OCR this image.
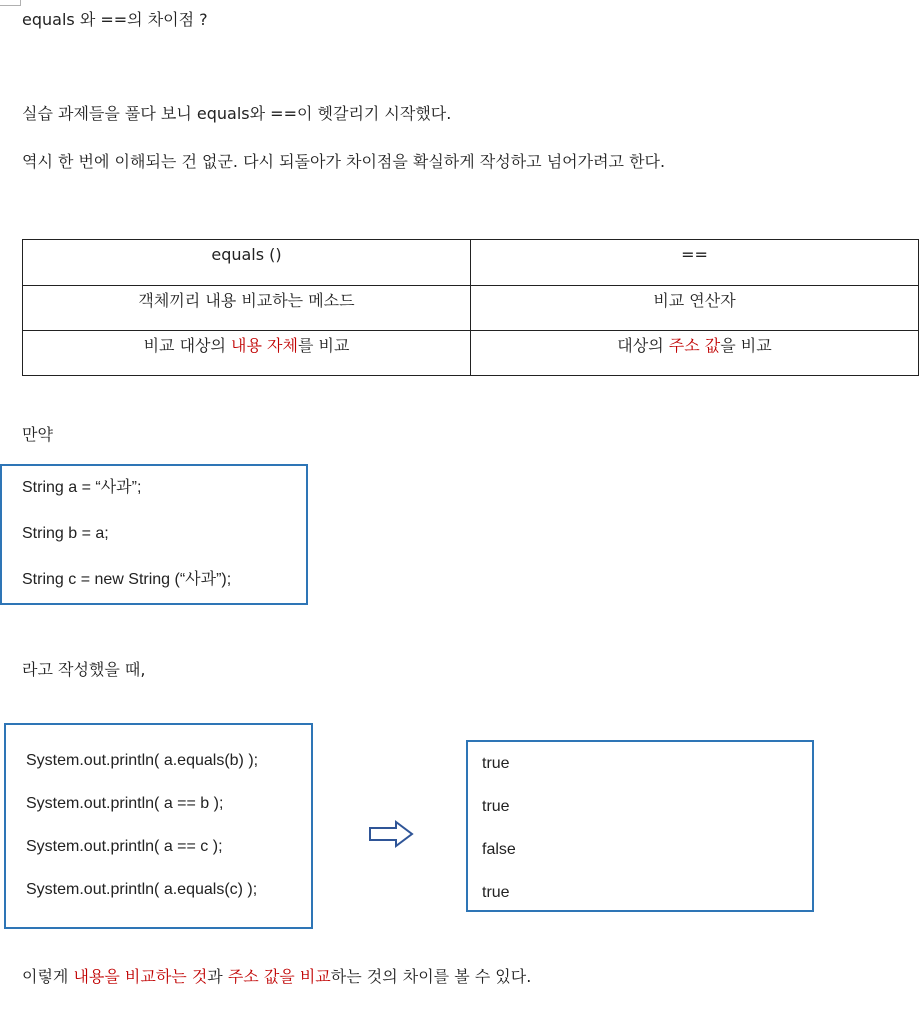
equals 와 ==의 차이점 ?
실습 과제들을 풀다 보니 equals와 ==이 헷갈리기 시작했다.
역시 한 번에 이해되는 건 없군. 다시 되돌아가 차이점을 확실하게 작성하고 넘어가려고 한다.
equals ()	==
객체끼리 내용 비교하는 메소드	비교 연산자
비교 대상의 내용 자체를 비교	대상의 주소 값을 비교
만약
String a = “사과”;
String b = a;
String c = new String (“사과”);
라고 작성했을 때,
System.out.println( a.equals(b) );
System.out.println( a == b );
System.out.println( a == c );
System.out.println( a.equals(c) );
true
true
false
true
이렇게 내용을 비교하는 것과 주소 값을 비교하는 것의 차이를 볼 수 있다.
